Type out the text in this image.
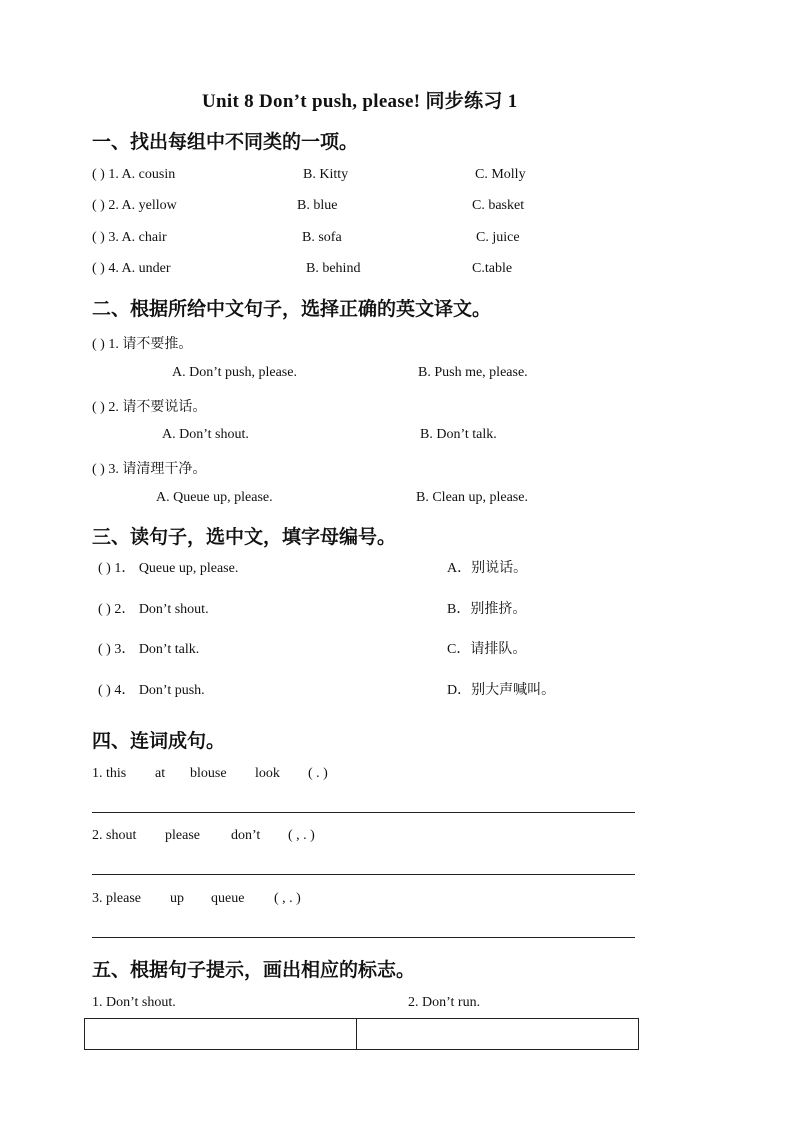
Unit 8 Don’t push, please! 同步练习 1
一、找出每组中不同类的一项。
( ) 1. A. cousin	B. Kitty	C. Molly
( ) 2. A. yellow	B. blue	C. basket
( ) 3. A. chair	B. sofa	C. juice
( ) 4. A. under	B. behind	C.table
二、根据所给中文句子，选择正确的英文译文。
( ) 1. 请不要推。
A. Don’t push, please.	B. Push me, please.
( ) 2. 请不要说话。
A. Don’t shout.	B. Don’t talk.
( ) 3. 请清理干净。
A. Queue up, please.	B. Clean up, please.
三、读句子，选中文，填字母编号。
( ) 1． Queue up, please.	A．别说话。
( ) 2． Don’t shout.	B．别推挤。
( ) 3． Don’t talk.	C．请排队。
( ) 4． Don’t push.	D．别大声喊叫。
四、连词成句。
1. this at blouse look ( . )
2. shout please don’t ( , . )
3. please up queue ( , . )
五、根据句子提示，画出相应的标志。
1. Don’t shout.	2. Don’t run.
